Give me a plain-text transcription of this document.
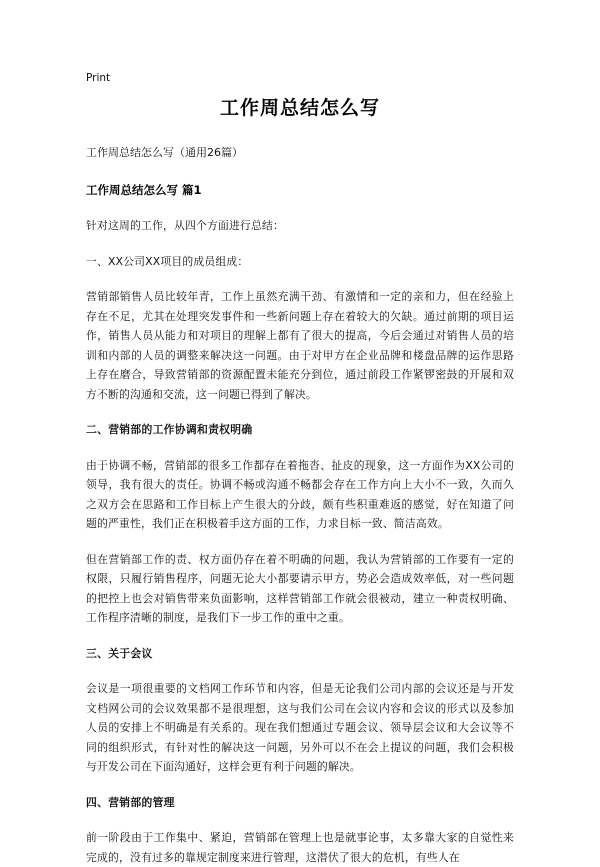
Print
工作周总结怎么写
工作周总结怎么写（通用26篇）
工作周总结怎么写 篇1
针对这周的工作，从四个方面进行总结：
一、XX公司XX项目的成员组成：
营销部销售人员比较年青，工作上虽然充满干劲、有激情和一定的亲和力，但在经验上存在不足，尤其在处理突发事件和一些新问题上存在着较大的欠缺。通过前期的项目运作，销售人员从能力和对项目的理解上都有了很大的提高，今后会通过对销售人员的培训和内部的人员的调整来解决这一问题。由于对甲方在企业品牌和楼盘品牌的运作思路上存在磨合，导致营销部的资源配置未能充分到位，通过前段工作紧锣密鼓的开展和双方不断的沟通和交流，这一问题已得到了解决。
二、营销部的工作协调和责权明确
由于协调不畅，营销部的很多工作都存在着拖沓、扯皮的现象，这一方面作为XX公司的领导，我有很大的责任。协调不畅或沟通不畅都会存在工作方向上大小不一致，久而久之双方会在思路和工作目标上产生很大的分歧，颇有些积重难返的感觉，好在知道了问题的严重性，我们正在积极着手这方面的工作，力求目标一致、简洁高效。
但在营销部工作的责、权方面仍存在着不明确的问题，我认为营销部的工作要有一定的权限，只履行销售程序，问题无论大小都要请示甲方，势必会造成效率低，对一些问题的把控上也会对销售带来负面影响，这样营销部工作就会很被动，建立一种责权明确、工作程序清晰的制度，是我们下一步工作的重中之重。
三、关于会议
会议是一项很重要的文档网工作环节和内容，但是无论我们公司内部的会议还是与开发文档网公司的会议效果都不是很理想，这与我们公司在会议内容和会议的形式以及参加人员的安排上不明确是有关系的。现在我们想通过专题会议、领导层会议和大会议等不同的组织形式，有针对性的解决这一问题，另外可以不在会上提议的问题，我们会积极与开发公司在下面沟通好，这样会更有利于问题的解决。
四、营销部的管理
前一阶段由于工作集中、紧迫，营销部在管理上也是就事论事，太多靠大家的自觉性来完成的，没有过多的靠规定制度来进行管理，这潜伏了很大的危机，有些人在
